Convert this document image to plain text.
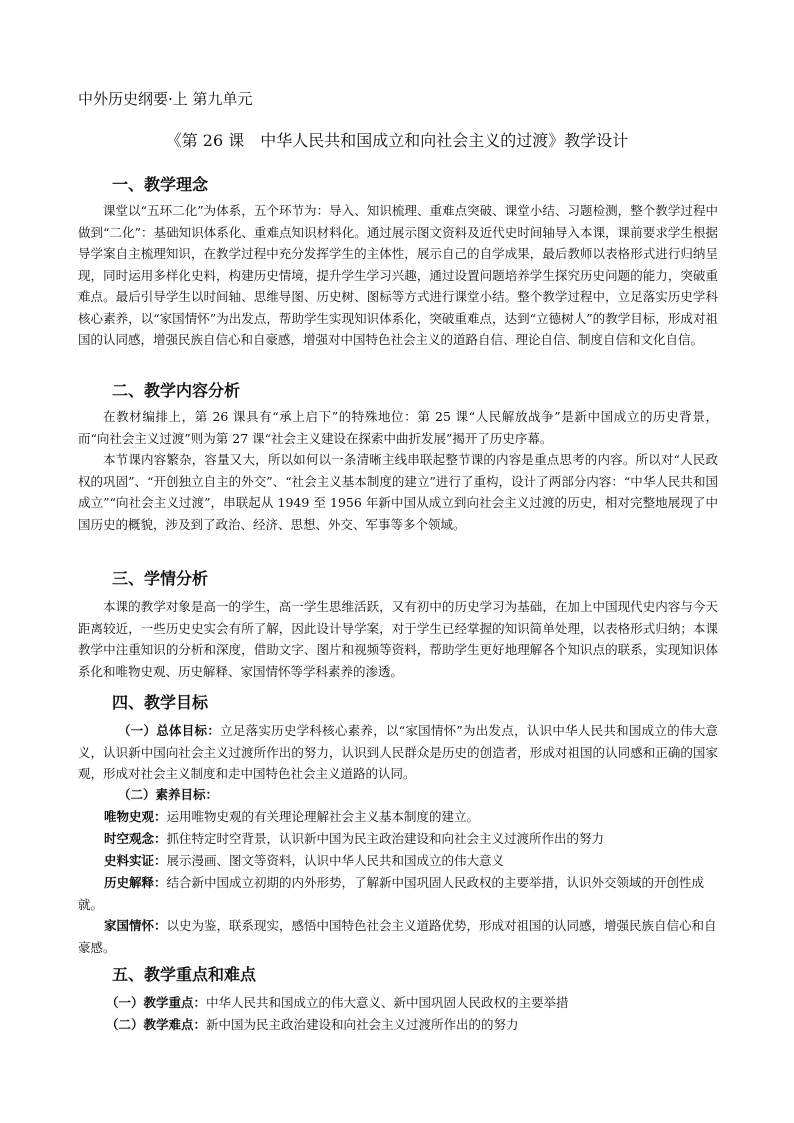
中外历史纲要·上 第九单元
《第 26 课　中华人民共和国成立和向社会主义的过渡》教学设计
一、教学理念

课堂以“五环二化”为体系，五个环节为：导入、知识梳理、重难点突破、课堂小结、习题检测，整个教学过程中做到“二化”：基础知识体系化、重难点知识材料化。通过展示图文资料及近代史时间轴导入本课，课前要求学生根据导学案自主梳理知识，在教学过程中充分发挥学生的主体性，展示自己的自学成果，最后教师以表格形式进行归纳呈现，同时运用多样化史料，构建历史情境，提升学生学习兴趣，通过设置问题培养学生探究历史问题的能力，突破重难点。最后引导学生以时间轴、思维导图、历史树、图标等方式进行课堂小结。整个教学过程中，立足落实历史学科核心素养，以“家国情怀”为出发点，帮助学生实现知识体系化，突破重难点，达到“立德树人”的教学目标，形成对祖国的认同感，增强民族自信心和自豪感，增强对中国特色社会主义的道路自信、理论自信、制度自信和文化自信。

二、教学内容分析

在教材编排上，第 26 课具有“承上启下”的特殊地位：第 25 课“人民解放战争”是新中国成立的历史背景，而“向社会主义过渡”则为第 27 课“社会主义建设在探索中曲折发展”揭开了历史序幕。

本节课内容繁杂，容量又大，所以如何以一条清晰主线串联起整节课的内容是重点思考的内容。所以对“人民政权的巩固”、“开创独立自主的外交”、“社会主义基本制度的建立”进行了重构，设计了两部分内容：“中华人民共和国成立”“向社会主义过渡”，串联起从 1949 至 1956 年新中国从成立到向社会主义过渡的历史，相对完整地展现了中国历史的概貌，涉及到了政治、经济、思想、外交、军事等多个领域。

三、学情分析

本课的教学对象是高一的学生，高一学生思维活跃，又有初中的历史学习为基础，在加上中国现代史内容与今天距离较近，一些历史史实会有所了解，因此设计导学案，对于学生已经掌握的知识简单处理，以表格形式归纳；本课教学中注重知识的分析和深度，借助文字、图片和视频等资料，帮助学生更好地理解各个知识点的联系，实现知识体系化和唯物史观、历史解释、家国情怀等学科素养的渗透。

四、教学目标

（一）总体目标：立足落实历史学科核心素养，以“家国情怀”为出发点，认识中华人民共和国成立的伟大意义，认识新中国向社会主义过渡所作出的努力，认识到人民群众是历史的创造者，形成对祖国的认同感和正确的国家观，形成对社会主义制度和走中国特色社会主义道路的认同。

（二）素养目标：
唯物史观：运用唯物史观的有关理论理解社会主义基本制度的建立。
时空观念：抓住特定时空背景，认识新中国为民主政治建设和向社会主义过渡所作出的努力
史料实证：展示漫画、图文等资料，认识中华人民共和国成立的伟大意义
历史解释：结合新中国成立初期的内外形势，了解新中国巩固人民政权的主要举措，认识外交领域的开创性成就。
家国情怀：以史为鉴，联系现实，感悟中国特色社会主义道路优势，形成对祖国的认同感，增强民族自信心和自豪感。
五、教学重点和难点
（一）教学重点：中华人民共和国成立的伟大意义、新中国巩固人民政权的主要举措
（二）教学难点：新中国为民主政治建设和向社会主义过渡所作出的的努力
